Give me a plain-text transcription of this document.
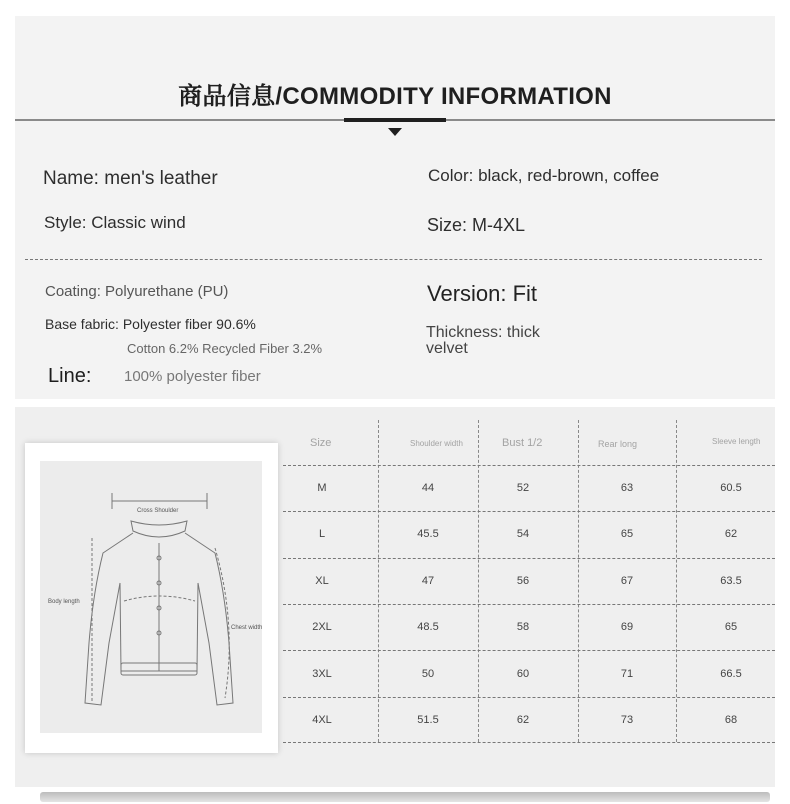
商品信息/COMMODITY INFORMATION
Name: men's leather	Color: black, red-brown, coffee
Style: Classic wind	Size: M-4XL
Coating: Polyurethane (PU)	Version: Fit
Base fabric: Polyester fiber 90.6%
Cotton 6.2% Recycled Fiber 3.2%
Thickness: thick
velvet
Line: 100% polyester fiber
Cross Shoulder
Body length
Chest width
Size	Shoulder width	Bust 1/2	Rear long	Sleeve length
M	44	52	63	60.5
L	45.5	54	65	62
XL	47	56	67	63.5
2XL	48.5	58	69	65
3XL	50	60	71	66.5
4XL	51.5	62	73	68
